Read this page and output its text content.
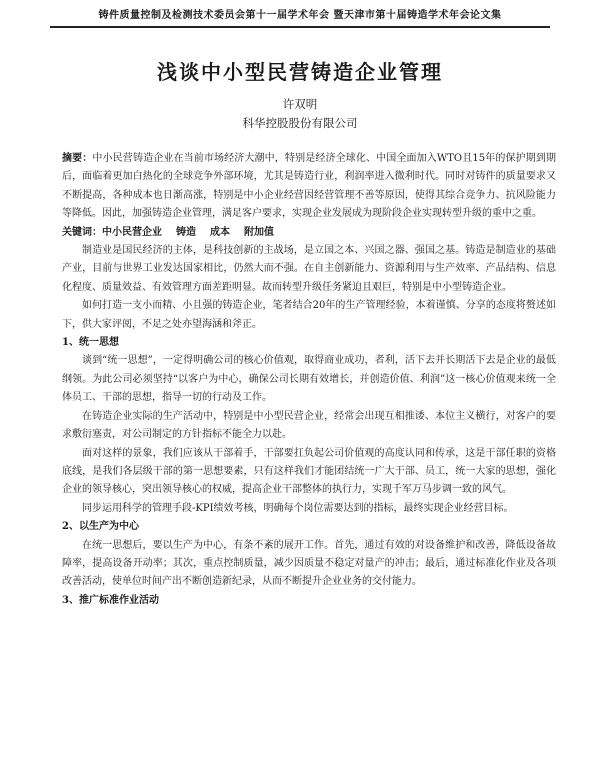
铸件质量控制及检测技术委员会第十一届学术年会 暨天津市第十届铸造学术年会论文集
浅谈中小型民营铸造企业管理
许双明
科华控股股份有限公司

摘要：中小民营铸造企业在当前市场经济大潮中，特别是经济全球化、中国全面加入WTO且15年的保护期到期后，面临着更加白热化的全球竞争外部环境，尤其是铸造行业，利润率进入微利时代。同时对铸件的质量要求又不断提高，各种成本也日渐高涨，特别是中小企业经营因经营管理不善等原因，使得其综合竞争力、抗风险能力等降低。因此，加强铸造企业管理，满足客户要求，实现企业发展成为现阶段企业实现转型升级的重中之重。

关键词：中小民营企业 铸造 成本 附加值

制造业是国民经济的主体，是科技创新的主战场，是立国之本、兴国之器、强国之基。铸造是制造业的基础产业，目前与世界工业发达国家相比，仍然大而不强。在自主创新能力、资源利用与生产效率、产品结构、信息化程度、质量效益、有效管理方面差距明显。故而转型升级任务紧迫且艰巨，特别是中小型铸造企业。

如何打造一支小而精、小且强的铸造企业，笔者结合20年的生产管理经验，本着谨慎、分享的态度将赘述如下，供大家评阅，不足之处亦望海涵和斧正。

1、统一思想

谈到“统一思想”，一定得明确公司的核心价值观，取得商业成功，者利，活下去并长期活下去是企业的最低纲领。为此公司必须坚持“以客户为中心，确保公司长期有效增长，并创造价值、利润”这一核心价值观来统一全体员工、干部的思想，指导一切的行动及工作。

在铸造企业实际的生产活动中，特别是中小型民营企业，经常会出现互相推诿、本位主义横行，对客户的要求敷衍塞责，对公司制定的方针指标不能全力以赴。

面对这样的景象，我们应该从干部着手，干部要扛负起公司价值观的高度认同和传承，这是干部任职的资格底线，是我们各层级干部的第一思想要素，只有这样我们才能团结统一广大干部、员工，统一大家的思想，强化企业的领导核心，突出领导核心的权威，提高企业干部整体的执行力，实现千军万马步调一致的风气。

同步运用科学的管理手段-KPI绩效考核，明确每个岗位需要达到的指标，最终实现企业经营目标。

2、以生产为中心

在统一思想后，要以生产为中心，有条不紊的展开工作。首先，通过有效的对设备维护和改善，降低设备故障率，提高设备开动率；其次，重点控制质量，减少因质量不稳定对量产的冲击；最后，通过标准化作业及各项改善活动，使单位时间产出不断创造新纪录，从而不断提升企业业务的交付能力。

3、推广标准作业活动
